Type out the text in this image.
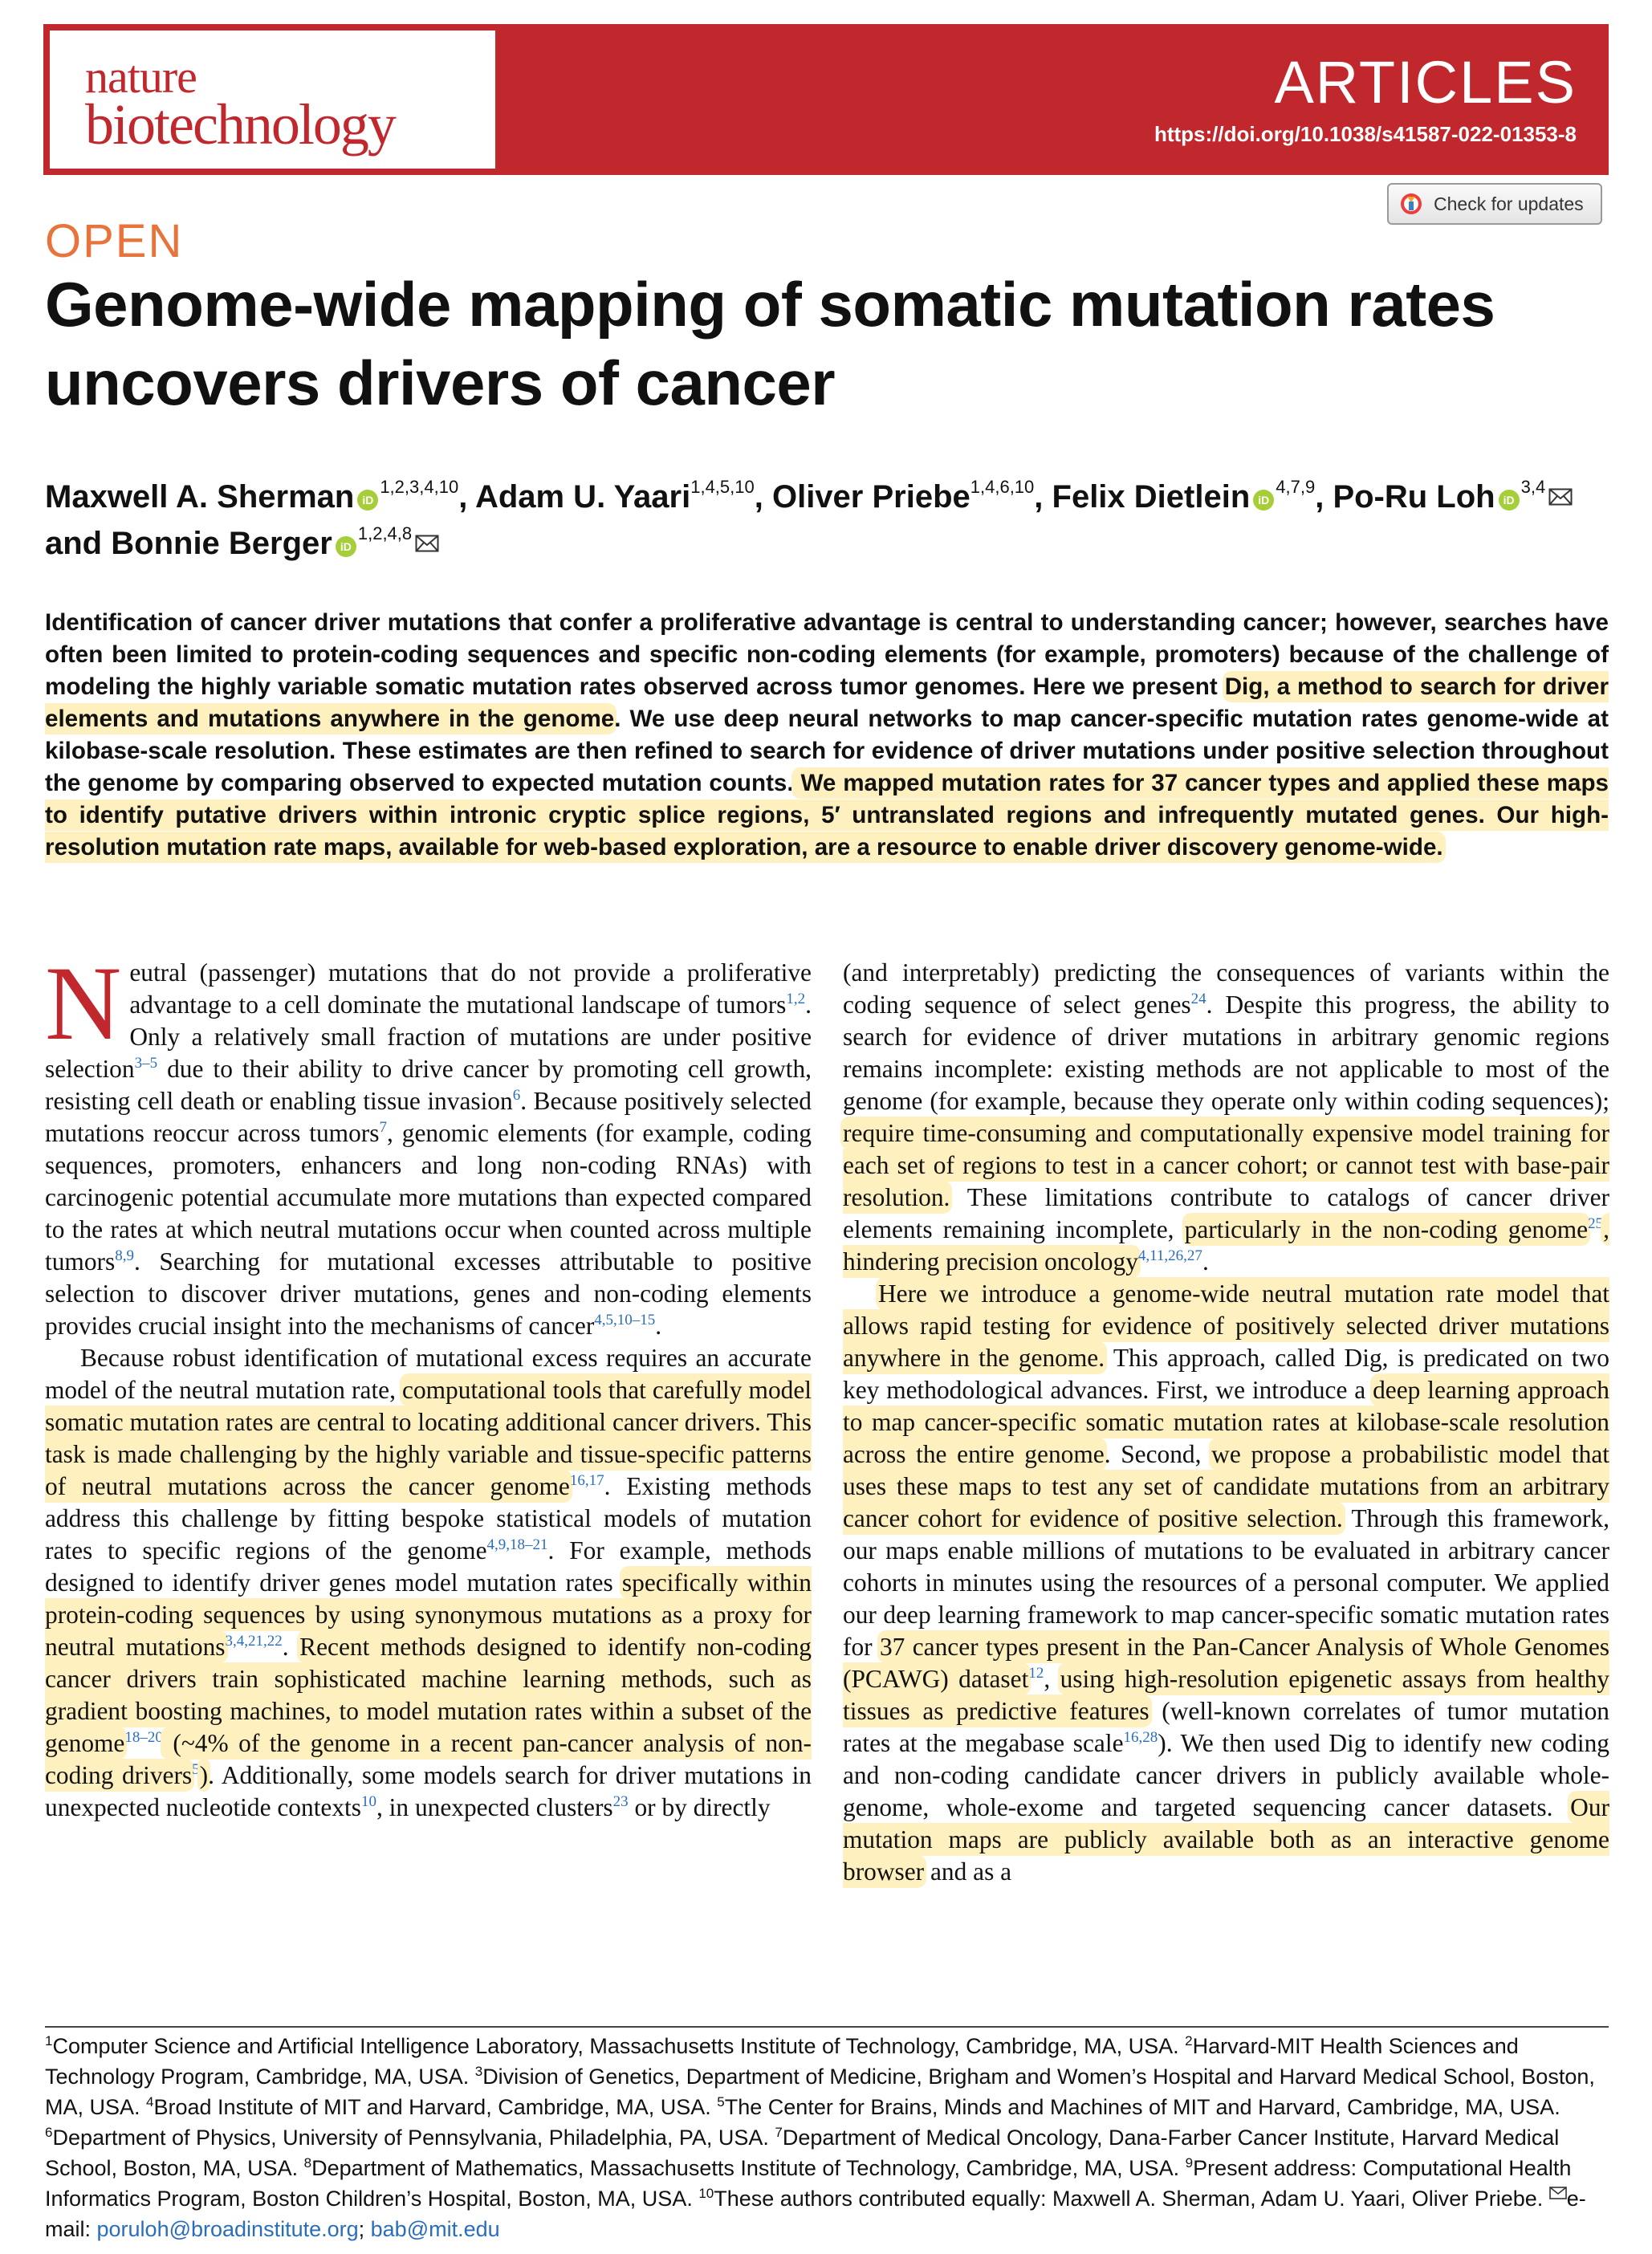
nature
biotechnology
ARTICLES
https://doi.org/10.1038/s41587-022-01353-8
Check for updates
OPEN
Genome-wide mapping of somatic mutation rates uncovers drivers of cancer
Maxwell A. Sherman iD$^{1,2,3,4,10}$, Adam U. Yaari$^{1,4,5,10}$, Oliver Priebe$^{1,4,6,10}$, Felix Dietlein iD$^{4,7,9}$, Po-Ru Loh iD$^{3,4}$
and Bonnie Berger iD$^{1,2,4,8}$

Identification of cancer driver mutations that confer a proliferative advantage is central to understanding cancer; however, searches have often been limited to protein-coding sequences and specific non-coding elements (for example, promoters) because of the challenge of modeling the highly variable somatic mutation rates observed across tumor genomes. Here we present Dig, a method to search for driver elements and mutations anywhere in the genome. We use deep neural networks to map cancer-specific mutation rates genome-wide at kilobase-scale resolution. These estimates are then refined to search for evidence of driver mutations under positive selection throughout the genome by comparing observed to expected mutation counts. We mapped mutation rates for 37 cancer types and applied these maps to identify putative drivers within intronic cryptic splice regions, 5′ untranslated regions and infrequently mutated genes. Our high-resolution mutation rate maps, available for web-based exploration, are a resource to enable driver discovery genome-wide.

Neutral (passenger) mutations that do not provide a proliferative advantage to a cell dominate the mutational landscape of tumors$^{1,2}$. Only a relatively small fraction of mutations are under positive selection$^{3-5}$ due to their ability to drive cancer by promoting cell growth, resisting cell death or enabling tissue invasion$^6$. Because positively selected mutations reoccur across tumors$^7$, genomic elements (for example, coding sequences, promoters, enhancers and long non-coding RNAs) with carcinogenic potential accumulate more mutations than expected compared to the rates at which neutral mutations occur when counted across multiple tumors$^{8,9}$. Searching for mutational excesses attributable to positive selection to discover driver mutations, genes and non-coding elements provides crucial insight into the mechanisms of cancer$^{4,5,10-15}$.

Because robust identification of mutational excess requires an accurate model of the neutral mutation rate, computational tools that carefully model somatic mutation rates are central to locating additional cancer drivers. This task is made challenging by the highly variable and tissue-specific patterns of neutral mutations across the cancer genome$^{16,17}$. Existing methods address this challenge by fitting bespoke statistical models of mutation rates to specific regions of the genome$^{4,9,18-21}$. For example, methods designed to identify driver genes model mutation rates specifically within protein-coding sequences by using synonymous mutations as a proxy for neutral mutations$^{3,4,21,22}$. Recent methods designed to identify non-coding cancer drivers train sophisticated machine learning methods, such as gradient boosting machines, to model mutation rates within a subset of the genome$^{18-20}$ (~4% of the genome in a recent pan-cancer analysis of non-coding drivers$^5$). Additionally, some models search for driver mutations in unexpected nucleotide contexts$^{10}$, in unexpected clusters$^{23}$ or by directly

(and interpretably) predicting the consequences of variants within the coding sequence of select genes$^{24}$. Despite this progress, the ability to search for evidence of driver mutations in arbitrary genomic regions remains incomplete: existing methods are not applicable to most of the genome (for example, because they operate only within coding sequences); require time-consuming and computationally expensive model training for each set of regions to test in a cancer cohort; or cannot test with base-pair resolution. These limitations contribute to catalogs of cancer driver elements remaining incomplete, particularly in the non-coding genome$^{25}$, hindering precision oncology$^{4,11,26,27}$.

Here we introduce a genome-wide neutral mutation rate model that allows rapid testing for evidence of positively selected driver mutations anywhere in the genome. This approach, called Dig, is predicated on two key methodological advances. First, we introduce a deep learning approach to map cancer-specific somatic mutation rates at kilobase-scale resolution across the entire genome. Second, we propose a probabilistic model that uses these maps to test any set of candidate mutations from an arbitrary cancer cohort for evidence of positive selection. Through this framework, our maps enable millions of mutations to be evaluated in arbitrary cancer cohorts in minutes using the resources of a personal computer. We applied our deep learning framework to map cancer-specific somatic mutation rates for 37 cancer types present in the Pan-Cancer Analysis of Whole Genomes (PCAWG) dataset$^{12}$, using high-resolution epigenetic assays from healthy tissues as predictive features (well-known correlates of tumor mutation rates at the megabase scale$^{16,28}$). We then used Dig to identify new coding and non-coding candidate cancer drivers in publicly available whole-genome, whole-exome and targeted sequencing cancer datasets. Our mutation maps are publicly available both as an interactive genome browser and as a

$^1$Computer Science and Artificial Intelligence Laboratory, Massachusetts Institute of Technology, Cambridge, MA, USA. $^2$Harvard-MIT Health Sciences and Technology Program, Cambridge, MA, USA. $^3$Division of Genetics, Department of Medicine, Brigham and Women’s Hospital and Harvard Medical School, Boston, MA, USA. $^4$Broad Institute of MIT and Harvard, Cambridge, MA, USA. $^5$The Center for Brains, Minds and Machines of MIT and Harvard, Cambridge, MA, USA. $^6$Department of Physics, University of Pennsylvania, Philadelphia, PA, USA. $^7$Department of Medical Oncology, Dana-Farber Cancer Institute, Harvard Medical School, Boston, MA, USA. $^8$Department of Mathematics, Massachusetts Institute of Technology, Cambridge, MA, USA. $^9$Present address: Computational Health Informatics Program, Boston Children’s Hospital, Boston, MA, USA. $^{10}$These authors contributed equally: Maxwell A. Sherman, Adam U. Yaari, Oliver Priebe. e-mail: poruloh@broadinstitute.org; bab@mit.edu
